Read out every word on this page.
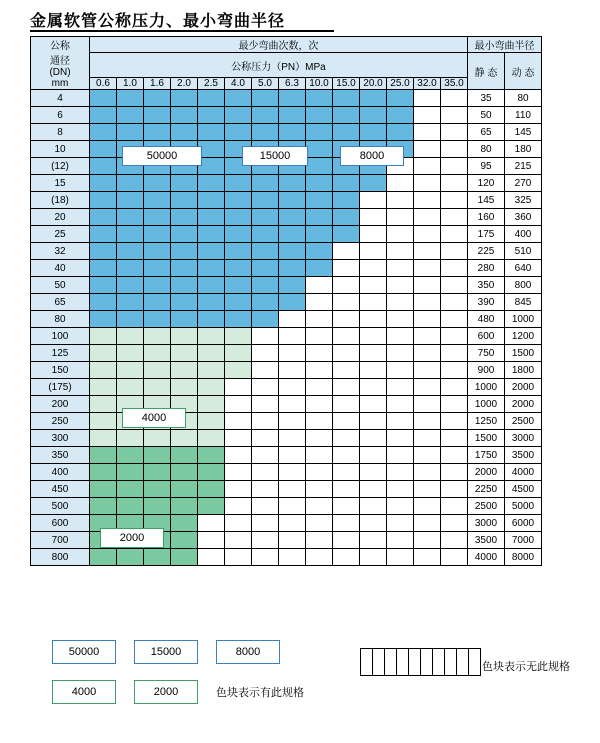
金属软管公称压力、最小弯曲半径
公称
通径
(DN)
mm	最少弯曲次数，次														最小弯曲半径	
	公称压力（PN）MPa														静 态	动 态
	0.6	1.0	1.6	2.0	2.5	4.0	5.0	6.3	10.0	15.0	20.0	25.0	32.0	35.0		
4															35	80
6															50	110
8															65	145
10															80	180
(12)															95	215
15															120	270
(18)															145	325
20															160	360
25															175	400
32															225	510
40															280	640
50															350	800
65															390	845
80															480	1000
100															600	1200
125															750	1500
150															900	1800
(175)															1000	2000
200															1000	2000
250															1250	2500
300															1500	3000
350															1750	3500
400															2000	4000
450															2250	4500
500															2500	5000
600															3000	6000
700															3500	7000
800															4000	8000
50000	15000	8000
4000
2000
50000	15000	8000
4000	2000	色块表示有此规格

色块表示无此规格
